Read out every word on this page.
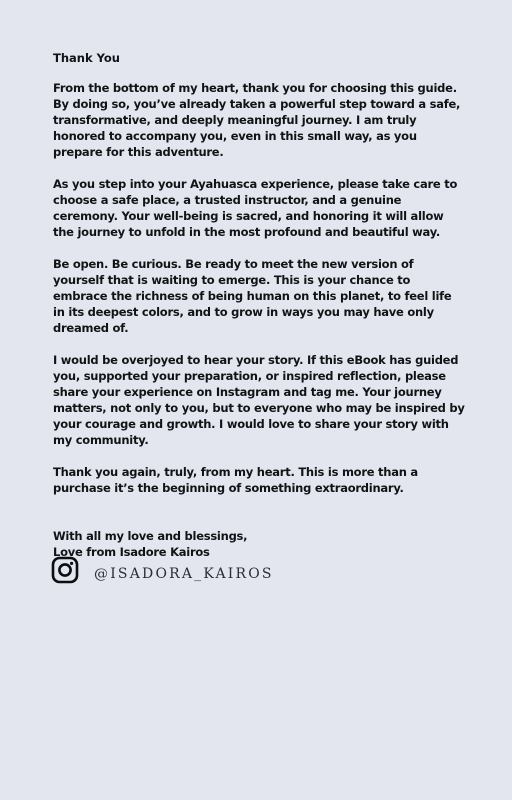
Thank You

From the bottom of my heart, thank you for choosing this guide. By doing so, you’ve already taken a powerful step toward a safe, transformative, and deeply meaningful journey. I am truly honored to accompany you, even in this small way, as you prepare for this adventure.

As you step into your Ayahuasca experience, please take care to choose a safe place, a trusted instructor, and a genuine ceremony. Your well-being is sacred, and honoring it will allow the journey to unfold in the most profound and beautiful way.

Be open. Be curious. Be ready to meet the new version of yourself that is waiting to emerge. This is your chance to embrace the richness of being human on this planet, to feel life in its deepest colors, and to grow in ways you may have only dreamed of.

I would be overjoyed to hear your story. If this eBook has guided you, supported your preparation, or inspired reflection, please share your experience on Instagram and tag me. Your journey matters, not only to you, but to everyone who may be inspired by your courage and growth. I would love to share your story with my community.

Thank you again, truly, from my heart. This is more than a purchase it’s the beginning of something extraordinary.

With all my love and blessings,
Love from Isadore Kairos
@ISADORA_KAIROS
